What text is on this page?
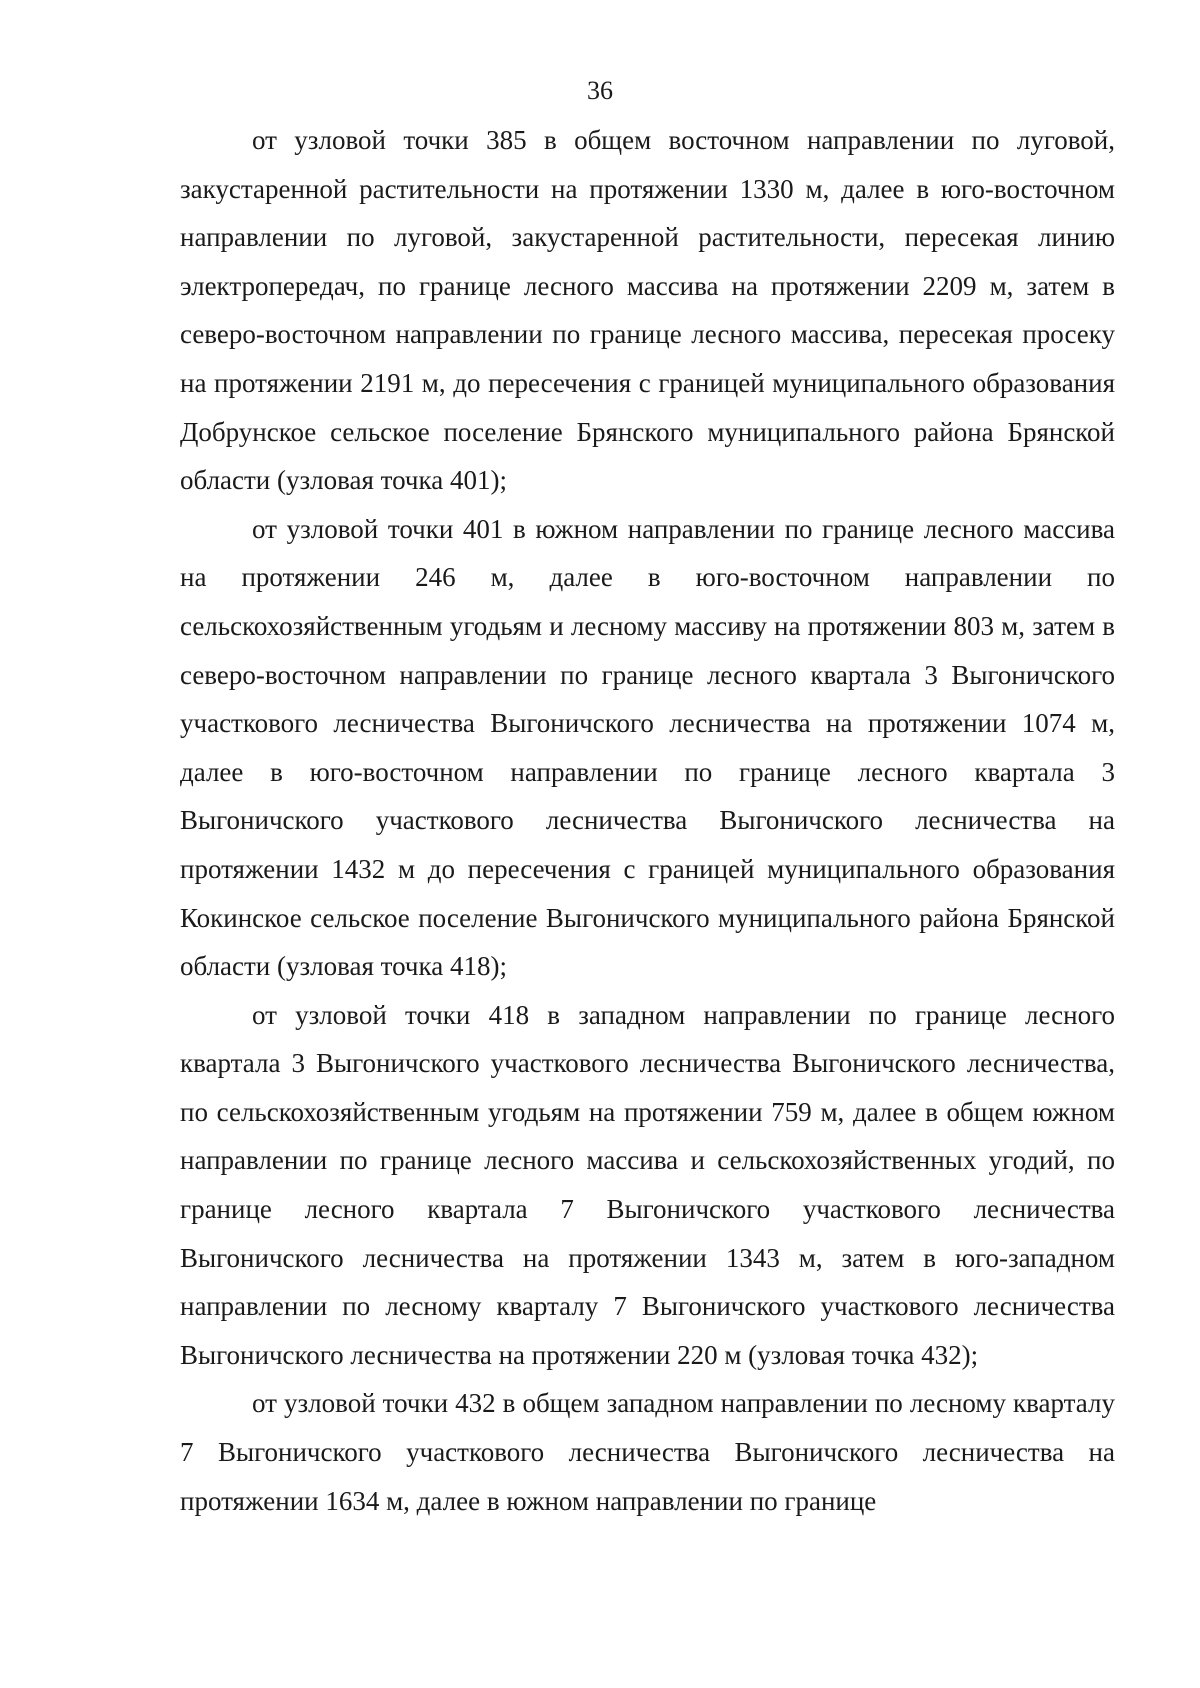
36

от узловой точки 385 в общем восточном направлении по луговой, закустаренной растительности на протяжении 1330 м, далее в юго-восточном направлении по луговой, закустаренной растительности, пересекая линию электропередач, по границе лесного массива на протяжении 2209 м, затем в северо-восточном направлении по границе лесного массива, пересекая просеку на протяжении 2191 м, до пересечения с границей муниципального образования Добрунское сельское поселение Брянского муниципального района Брянской области (узловая точка 401);

от узловой точки 401 в южном направлении по границе лесного массива на протяжении 246 м, далее в юго-восточном направлении по сельскохозяйственным угодьям и лесному массиву на протяжении 803 м, затем в северо-восточном направлении по границе лесного квартала 3 Выгоничского участкового лесничества Выгоничского лесничества на протяжении 1074 м, далее в юго-восточном направлении по границе лесного квартала 3 Выгоничского участкового лесничества Выгоничского лесничества на протяжении 1432 м до пересечения с границей муниципального образования Кокинское сельское поселение Выгоничского муниципального района Брянской области (узловая точка 418);

от узловой точки 418 в западном направлении по границе лесного квартала 3 Выгоничского участкового лесничества Выгоничского лесничества, по сельскохозяйственным угодьям на протяжении 759 м, далее в общем южном направлении по границе лесного массива и сельскохозяйственных угодий, по границе лесного квартала 7 Выгоничского участкового лесничества Выгоничского лесничества на протяжении 1343 м, затем в юго-западном направлении по лесному кварталу 7 Выгоничского участкового лесничества Выгоничского лесничества на протяжении 220 м (узловая точка 432);

от узловой точки 432 в общем западном направлении по лесному кварталу 7 Выгоничского участкового лесничества Выгоничского лесничества на протяжении 1634 м, далее в южном направлении по границе
